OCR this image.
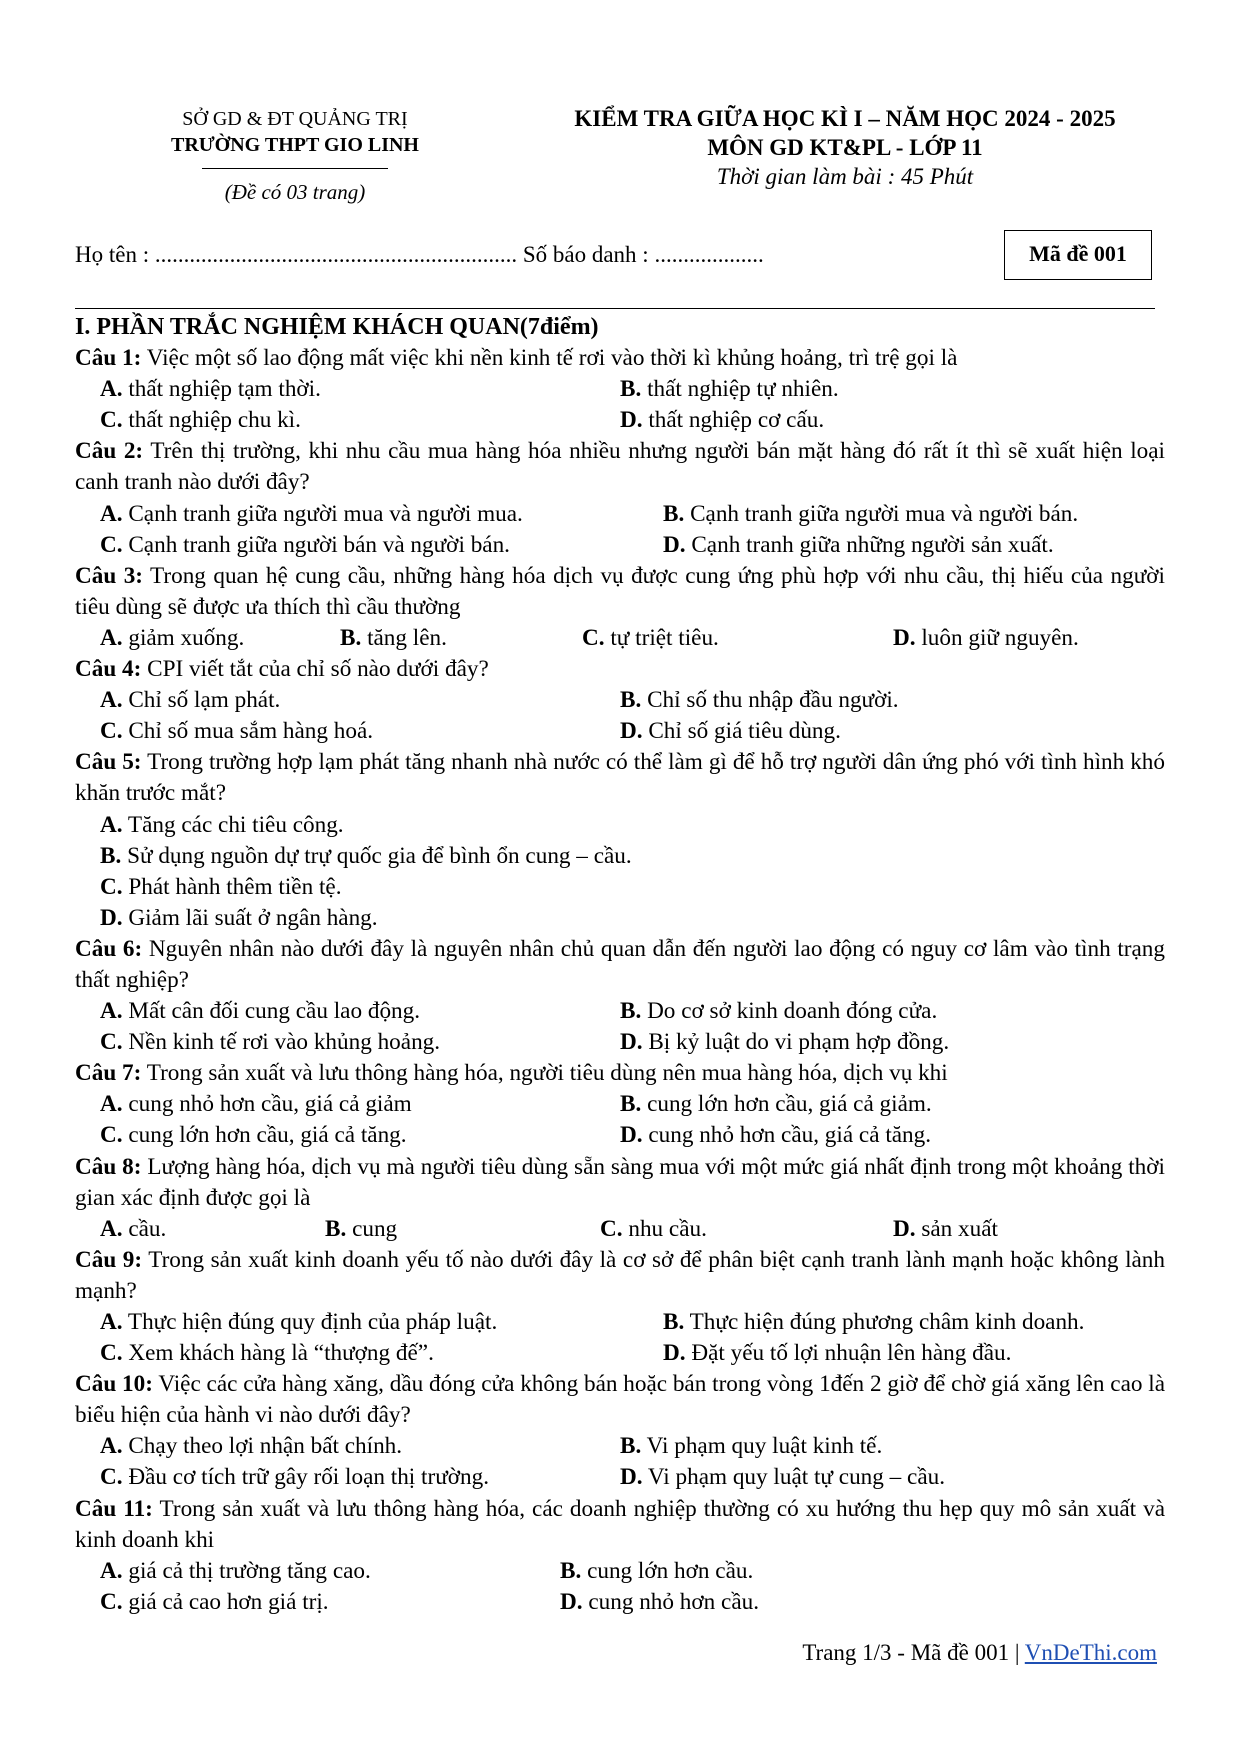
SỞ GD & ĐT QUẢNG TRỊ
TRƯỜNG THPT GIO LINH
(Đề có 03 trang)
KIỂM TRA GIỮA HỌC KÌ I – NĂM HỌC 2024 - 2025
MÔN GD KT&PL - LỚP 11
Thời gian làm bài : 45 Phút
Họ tên : ............................................................... Số báo danh : ...................	Mã đề 001
I. PHẦN TRẮC NGHIỆM KHÁCH QUAN(7điểm)
Câu 1: Việc một số lao động mất việc khi nền kinh tế rơi vào thời kì khủng hoảng, trì trệ gọi là
A. thất nghiệp tạm thời.	B. thất nghiệp tự nhiên.
C. thất nghiệp chu kì.	D. thất nghiệp cơ cấu.
Câu 2: Trên thị trường, khi nhu cầu mua hàng hóa nhiều nhưng người bán mặt hàng đó rất ít thì sẽ xuất hiện loại canh tranh nào dưới đây?
A. Cạnh tranh giữa người mua và người mua.	B. Cạnh tranh giữa người mua và người bán.
C. Cạnh tranh giữa người bán và người bán.	D. Cạnh tranh giữa những người sản xuất.
Câu 3: Trong quan hệ cung cầu, những hàng hóa dịch vụ được cung ứng phù hợp với nhu cầu, thị hiếu của người tiêu dùng sẽ được ưa thích thì cầu thường
A. giảm xuống.	B. tăng lên.	C. tự triệt tiêu.	D. luôn giữ nguyên.
Câu 4: CPI viết tắt của chỉ số nào dưới đây?
A. Chỉ số lạm phát.	B. Chỉ số thu nhập đầu người.
C. Chỉ số mua sắm hàng hoá.	D. Chỉ số giá tiêu dùng.
Câu 5: Trong trường hợp lạm phát tăng nhanh nhà nước có thể làm gì để hỗ trợ người dân ứng phó với tình hình khó khăn trước mắt?
A. Tăng các chi tiêu công.
B. Sử dụng nguồn dự trự quốc gia để bình ổn cung – cầu.
C. Phát hành thêm tiền tệ.
D. Giảm lãi suất ở ngân hàng.
Câu 6: Nguyên nhân nào dưới đây là nguyên nhân chủ quan dẫn đến người lao động có nguy cơ lâm vào tình trạng thất nghiệp?
A. Mất cân đối cung cầu lao động.	B. Do cơ sở kinh doanh đóng cửa.
C. Nền kinh tế rơi vào khủng hoảng.	D. Bị kỷ luật do vi phạm hợp đồng.
Câu 7: Trong sản xuất và lưu thông hàng hóa, người tiêu dùng nên mua hàng hóa, dịch vụ khi
A. cung nhỏ hơn cầu, giá cả giảm	B. cung lớn hơn cầu, giá cả giảm.
C. cung lớn hơn cầu, giá cả tăng.	D. cung nhỏ hơn cầu, giá cả tăng.
Câu 8: Lượng hàng hóa, dịch vụ mà người tiêu dùng sẵn sàng mua với một mức giá nhất định trong một khoảng thời gian xác định được gọi là
A. cầu.	B. cung	C. nhu cầu.	D. sản xuất
Câu 9: Trong sản xuất kinh doanh yếu tố nào dưới đây là cơ sở để phân biệt cạnh tranh lành mạnh hoặc không lành mạnh?
A. Thực hiện đúng quy định của pháp luật.	B. Thực hiện đúng phương châm kinh doanh.
C. Xem khách hàng là “thượng đế”.	D. Đặt yếu tố lợi nhuận lên hàng đầu.
Câu 10: Việc các cửa hàng xăng, dầu đóng cửa không bán hoặc bán trong vòng 1đến 2 giờ để chờ giá xăng lên cao là biểu hiện của hành vi nào dưới đây?
A. Chạy theo lợi nhận bất chính.	B. Vi phạm quy luật kinh tế.
C. Đầu cơ tích trữ gây rối loạn thị trường.	D. Vi phạm quy luật tự cung – cầu.
Câu 11: Trong sản xuất và lưu thông hàng hóa, các doanh nghiệp thường có xu hướng thu hẹp quy mô sản xuất và kinh doanh khi
A. giá cả thị trường tăng cao.	B. cung lớn hơn cầu.
C. giá cả cao hơn giá trị.	D. cung nhỏ hơn cầu.
Trang 1/3 - Mã đề 001 | VnDeThi.com
